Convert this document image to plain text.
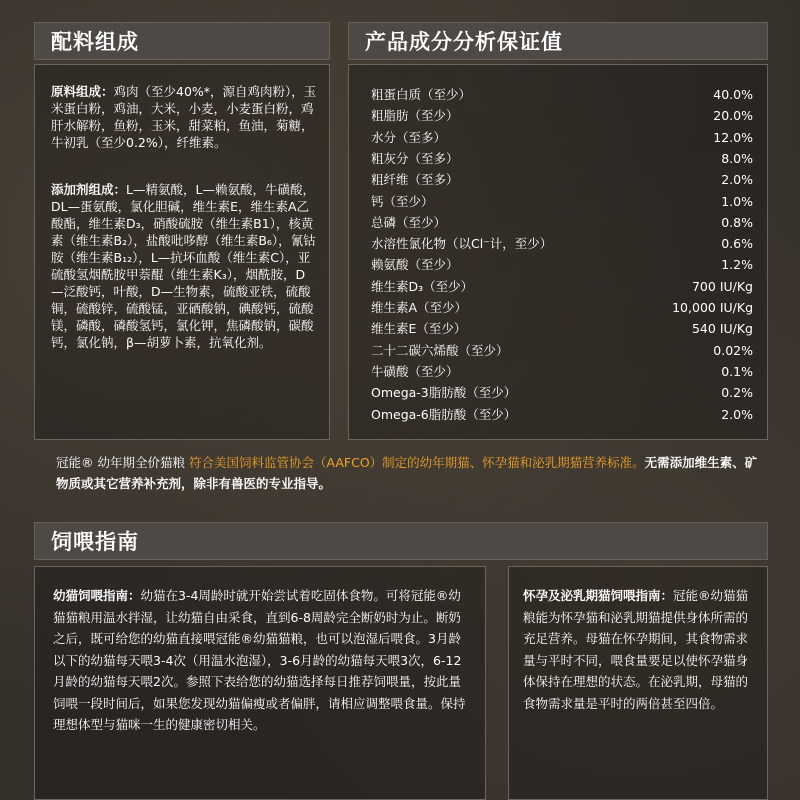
配料组成	产品成分分析保证值
原料组成：鸡肉（至少40%*，源自鸡肉粉），玉米蛋白粉，鸡油，大米，小麦，小麦蛋白粉，鸡肝水解粉，鱼粉，玉米，甜菜粕，鱼油，菊糖，牛初乳（至少0.2%），纤维素。
添加剂组成：L—精氨酸，L—赖氨酸，牛磺酸，DL—蛋氨酸，氯化胆碱，维生素E，维生素A乙酸酯，维生素D₃，硝酸硫胺（维生素B1），核黄素（维生素B₂），盐酸吡哆醇（维生素B₆），氰钴胺（维生素B₁₂），L—抗坏血酸（维生素C），亚硫酸氢烟酰胺甲萘醌（维生素K₃），烟酰胺，D—泛酸钙，叶酸，D—生物素，硫酸亚铁，硫酸铜，硫酸锌，硫酸锰，亚硒酸钠，碘酸钙，硫酸镁，磷酸，磷酸氢钙，氯化钾，焦磷酸钠，碳酸钙，氯化钠，β—胡萝卜素，抗氧化剂。
粗蛋白质（至少）	40.0%
粗脂肪（至少）	20.0%
水分（至多）	12.0%
粗灰分（至多）	8.0%
粗纤维（至多）	2.0%
钙（至少）	1.0%
总磷（至少）	0.8%
水溶性氯化物（以Cl⁻计，至少）	0.6%
赖氨酸（至少）	1.2%
维生素D₃（至少）	700 IU/Kg
维生素A（至少）	10,000 IU/Kg
维生素E（至少）	540 IU/Kg
二十二碳六烯酸（至少）	0.02%
牛磺酸（至少）	0.1%
Omega-3脂肪酸（至少）	0.2%
Omega-6脂肪酸（至少）	2.0%
冠能® 幼年期全价猫粮 符合美国饲料监管协会（AAFCO）制定的幼年期猫、怀孕猫和泌乳期猫营养标准。无需添加维生素、矿物质或其它营养补充剂，除非有兽医的专业指导。
饲喂指南
幼猫饲喂指南：幼猫在3-4周龄时就开始尝试着吃固体食物。可将冠能®幼猫猫粮用温水拌湿，让幼猫自由采食，直到6-8周龄完全断奶时为止。断奶之后，既可给您的幼猫直接喂冠能®幼猫猫粮，也可以泡湿后喂食。3月龄以下的幼猫每天喂3-4次（用温水泡湿），3-6月龄的幼猫每天喂3次，6-12月龄的幼猫每天喂2次。参照下表给您的幼猫选择每日推荐饲喂量，按此量饲喂一段时间后，如果您发现幼猫偏瘦或者偏胖，请相应调整喂食量。保持理想体型与猫咪一生的健康密切相关。
怀孕及泌乳期猫饲喂指南：冠能®幼猫猫粮能为怀孕猫和泌乳期猫提供身体所需的充足营养。母猫在怀孕期间，其食物需求量与平时不同，喂食量要足以使怀孕猫身体保持在理想的状态。在泌乳期，母猫的食物需求量是平时的两倍甚至四倍。
